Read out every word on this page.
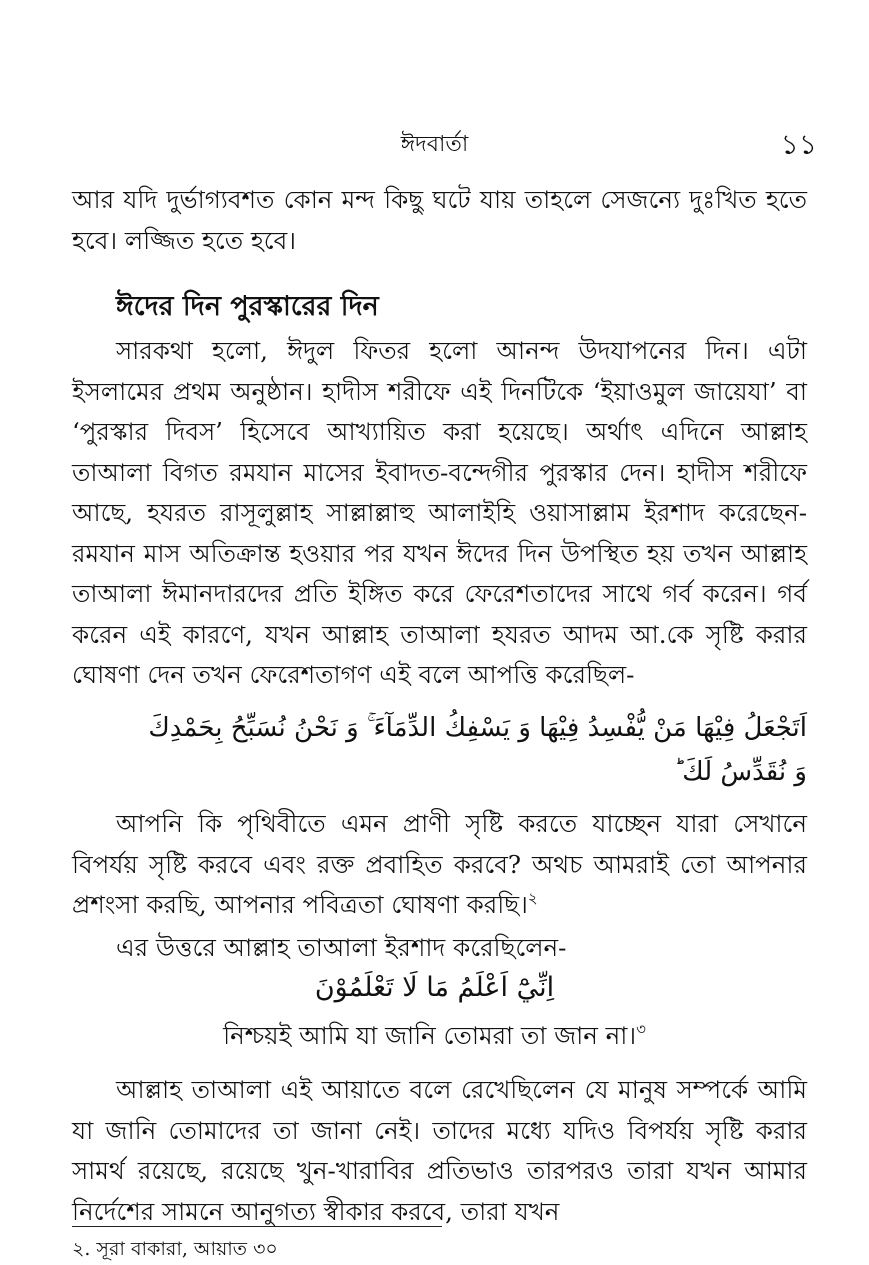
ঈদবার্তা	১১

আর যদি দুর্ভাগ্যবশত কোন মন্দ কিছু ঘটে যায় তাহলে সেজন্যে দুঃখিত হতে হবে। লজ্জিত হতে হবে।

ঈদের দিন পুরস্কারের দিন

সারকথা হলো, ঈদুল ফিতর হলো আনন্দ উদযাপনের দিন। এটা ইসলামের প্রথম অনুষ্ঠান। হাদীস শরীফে এই দিনটিকে ‘ইয়াওমুল জায়েযা’ বা ‘পুরস্কার দিবস’ হিসেবে আখ্যায়িত করা হয়েছে। অর্থাৎ এদিনে আল্লাহ তাআলা বিগত রমযান মাসের ইবাদত-বন্দেগীর পুরস্কার দেন। হাদীস শরীফে আছে, হযরত রাসূলুল্লাহ সাল্লাল্লাহু আলাইহি ওয়াসাল্লাম ইরশাদ করেছেন- রমযান মাস অতিক্রান্ত হওয়ার পর যখন ঈদের দিন উপস্থিত হয় তখন আল্লাহ তাআলা ঈমানদারদের প্রতি ইঙ্গিত করে ফেরেশতাদের সাথে গর্ব করেন। গর্ব করেন এই কারণে, যখন আল্লাহ তাআলা হযরত আদম আ.কে সৃষ্টি করার ঘোষণা দেন তখন ফেরেশতাগণ এই বলে আপত্তি করেছিল-

اَتَجْعَلُ فِيْهَا مَنْ يُّفْسِدُ فِيْهَا وَ يَسْفِكُ الدِّمَآءَ ۚ وَ نَحْنُ نُسَبِّحُ بِحَمْدِكَ
وَ نُقَدِّسُ لَكَ ؕ

আপনি কি পৃথিবীতে এমন প্রাণী সৃষ্টি করতে যাচ্ছেন যারা সেখানে বিপর্যয় সৃষ্টি করবে এবং রক্ত প্রবাহিত করবে? অথচ আমরাই তো আপনার প্রশংসা করছি, আপনার পবিত্রতা ঘোষণা করছি।$^২$

এর উত্তরে আল্লাহ তাআলা ইরশাদ করেছিলেন-

اِنِّيْٓ اَعْلَمُ مَا لَا تَعْلَمُوْنَ
নিশ্চয়ই আমি যা জানি তোমরা তা জান না।$^৩$

আল্লাহ তাআলা এই আয়াতে বলে রেখেছিলেন যে মানুষ সম্পর্কে আমি যা জানি তোমাদের তা জানা নেই। তাদের মধ্যে যদিও বিপর্যয় সৃষ্টি করার সামর্থ রয়েছে, রয়েছে খুন-খারাবির প্রতিভাও তারপরও তারা যখন আমার নির্দেশের সামনে আনুগত্য স্বীকার করবে, তারা যখন

২. সূরা বাকারা, আয়াত ৩০
